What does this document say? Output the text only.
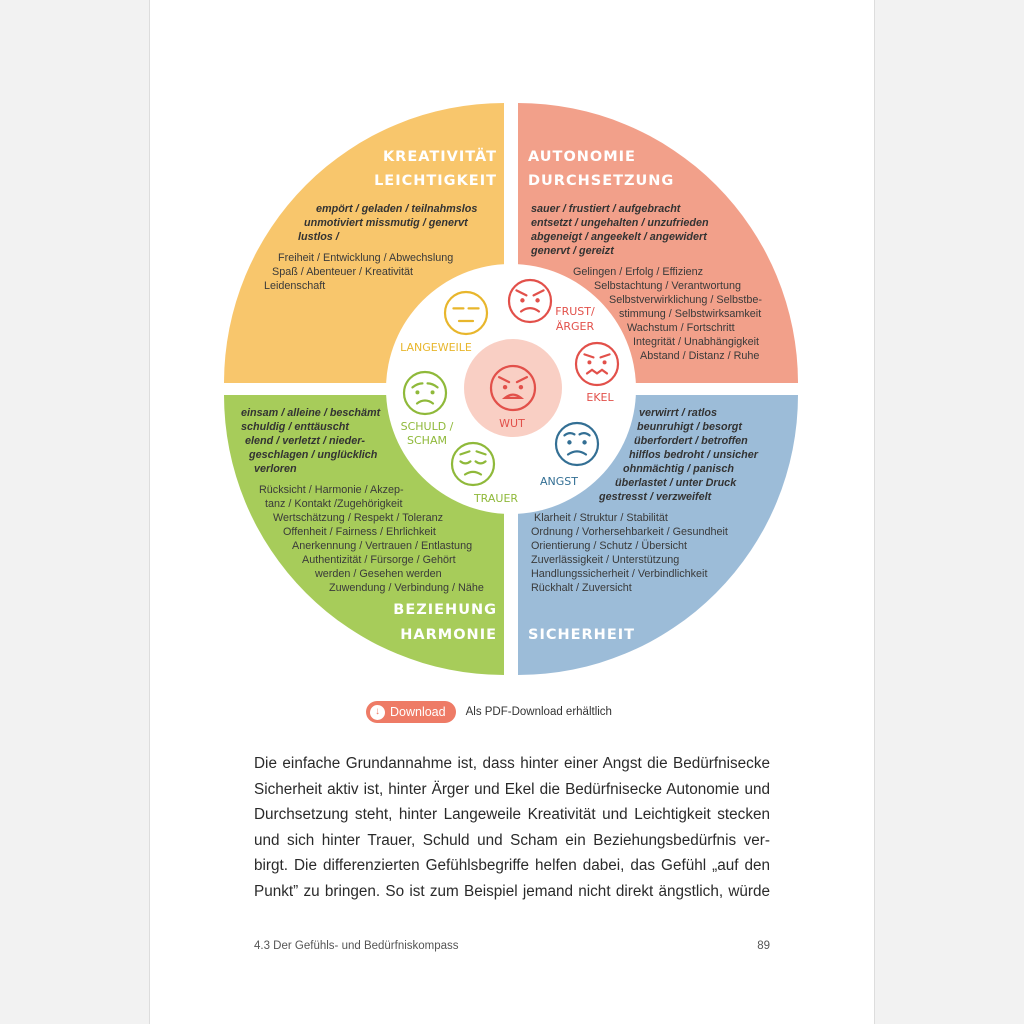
KREATIVITÄT
LEICHTIGKEIT
AUTONOMIE
DURCHSETZUNG
BEZIEHUNG
HARMONIE SICHERHEIT
empört / geladen / teilnahmslos
unmotiviert missmutig / genervt
lustlos /
Freiheit / Entwicklung / Abwechslung
Spaß / Abenteuer / Kreativität
Leidenschaft
sauer / frustiert / aufgebracht
entsetzt / ungehalten / unzufrieden
abgeneigt / angeekelt / angewidert
genervt / gereizt
Gelingen / Erfolg / Effizienz
Selbstachtung / Verantwortung
Selbstverwirklichung / Selbstbe-
stimmung / Selbstwirksamkeit
Wachstum / Fortschritt
Integrität / Unabhängigkeit
Abstand / Distanz / Ruhe
einsam / alleine / beschämt
schuldig / enttäuscht
elend / verletzt / nieder-
geschlagen / unglücklich
verloren
Rücksicht / Harmonie / Akzep-
tanz / Kontakt /Zugehörigkeit
Wertschätzung / Respekt / Toleranz
Offenheit / Fairness / Ehrlichkeit
Anerkennung / Vertrauen / Entlastung
Authentizität / Fürsorge / Gehört
werden / Gesehen werden
Zuwendung / Verbindung / Nähe
verwirrt / ratlos
beunruhigt / besorgt
überfordert / betroffen
hilflos bedroht / unsicher
ohnmächtig / panisch
überlastet / unter Druck
gestresst / verzweifelt
Klarheit / Struktur / Stabilität
Ordnung / Vorhersehbarkeit / Gesundheit
Orientierung / Schutz / Übersicht
Zuverlässigkeit / Unterstützung
Handlungssicherheit / Verbindlichkeit
Rückhalt / Zuversicht
LANGEWEILE
FRUST/
ÄRGER
EKEL
ANGST
TRAUER
SCHULD /
SCHAM
WUT
↓ Download Als PDF-Download erhältlich

Die einfache Grundannahme ist, dass hinter einer Angst die Bedürfnisecke
Sicherheit aktiv ist, hinter Ärger und Ekel die Bedürfnisecke Autonomie und
Durchsetzung steht, hinter Langeweile Kreativität und Leichtigkeit stecken
und sich hinter Trauer, Schuld und Scham ein Beziehungsbedürfnis ver-
birgt. Die differenzierten Gefühlsbegriffe helfen dabei, das Gefühl „auf den
Punkt” zu bringen. So ist zum Beispiel jemand nicht direkt ängstlich, würde

4.3 Der Gefühls- und Bedürfniskompass	89
